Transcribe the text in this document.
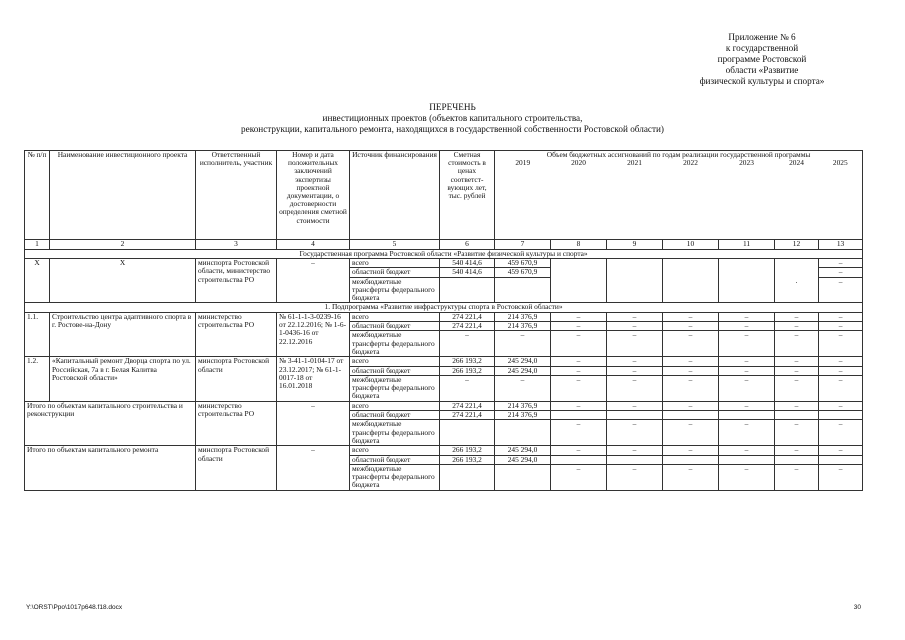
Приложение № 6
к государственной
программе Ростовской
области «Развитие
физической культуры и спорта»
ПЕРЕЧЕНЬ
инвестиционных проектов (объектов капитального строительства,
реконструкции, капитального ремонта, находящихся в государственной собственности Ростовской области)
№ п/п	Наименование инвестиционного проекта	Ответственный исполнитель, участник	Номер и дата положительных заключений экспертизы проектной документации, о достоверности определения сметной стоимости	Источник финансирования	Сметная стоимость в ценах соответст-вующих лет, тыс. рублей	Объем бюджетных ассигнований по годам реализации государственной программы						
						2019	2020	2021	2022	2023	2024	2025
1	2	3	4	5	6	7	8	9	10	11	12	13
Государственная программа Ростовской области «Развитие физической культуры и спорта»												
X	X	минспорта Ростовской области, министерство строительства РО	–	всего	540 414,6	459 670,9					.	–
				областной бюджет	540 414,6	459 670,9						–
				межбюджетные трансферты федерального бюджета								–
1. Подпрограмма «Развитие инфраструктуры спорта в Ростовской области»												
1.1.	Строительство центра адаптивного спорта в г. Ростове-на-Дону	министерство строительства РО	№ 61-1-1-3-0239-16 от 22.12.2016; № 1-6-1-0436-16 от 22.12.2016	всего	274 221,4	214 376,9	–	–	–	–	–	–
				областной бюджет	274 221,4	214 376,9	–	–	–	–	–	–
				межбюджетные трансферты федерального бюджета	–	–	–	–	–	–	–	–
1.2.	«Капитальный ремонт Дворца спорта по ул. Российская, 7а в г. Белая Калитва Ростовской области»	минспорта Ростовской области	№ 3-41-1-0104-17 от 23.12.2017; № 61-1-0017-18 от 16.01.2018	всего	266 193,2	245 294,0	–	–	–	–	–	–
				областной бюджет	266 193,2	245 294,0	–	–	–	–	–	–
				межбюджетные трансферты федерального бюджета	–	–	–	–	–	–	–	–
Итого по объектам капитального строительства и реконструкции		министерство строительства РО	–	всего	274 221,4	214 376,9	–	–	–	–	–	–
				областной бюджет	274 221,4	214 376,9						
				межбюджетные трансферты федерального бюджета			–	–	–	–	–	–
Итого по объектам капитального ремонта		минспорта Ростовской области	–	всего	266 193,2	245 294,0	–	–	–	–	–	–
				областной бюджет	266 193,2	245 294,0						
				межбюджетные трансферты федерального бюджета			–	–	–	–	–	–
Y:\ORST\Ppo\1017p648.f18.docx	30
